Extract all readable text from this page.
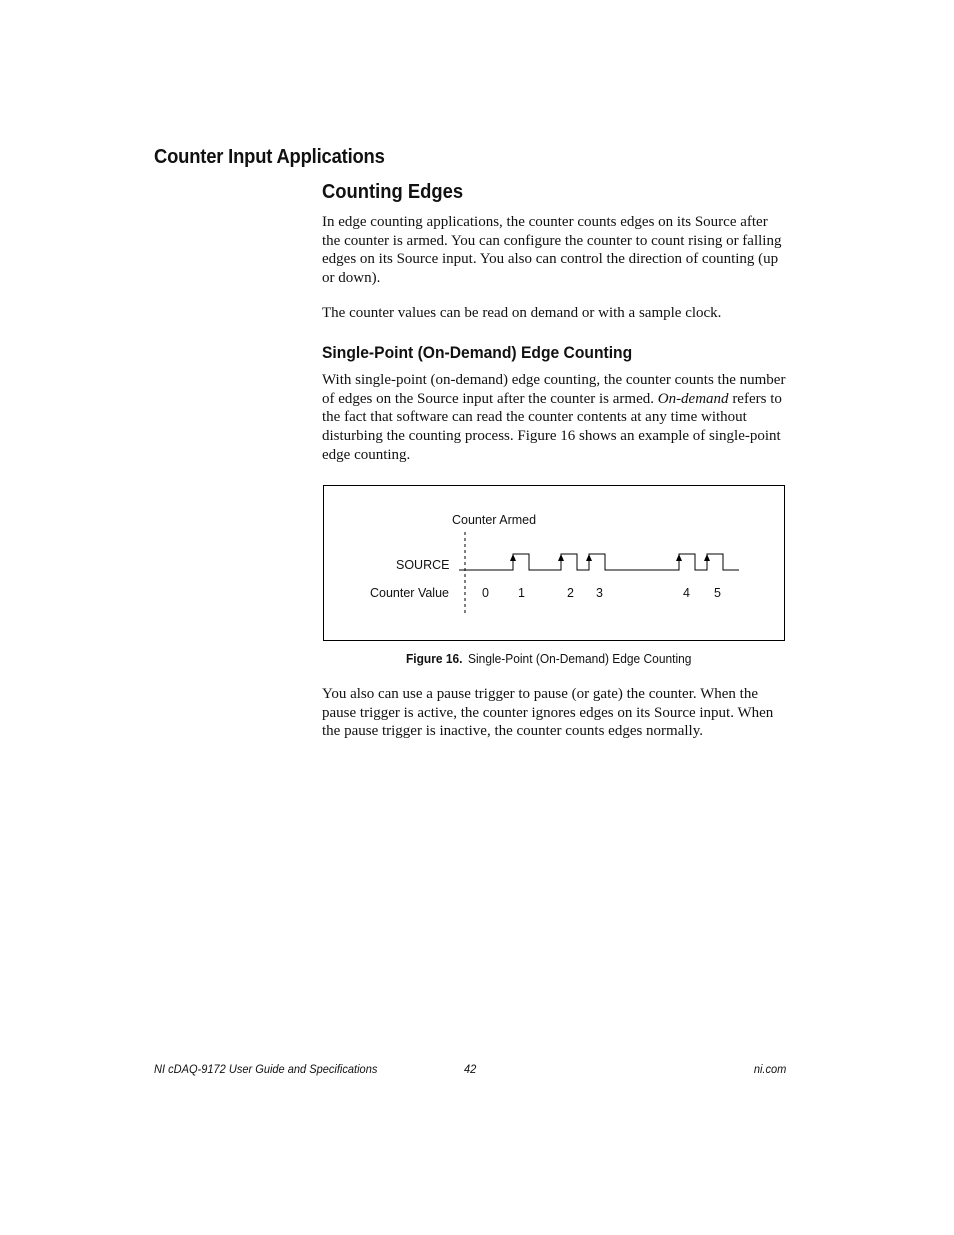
Counter Input Applications
Counting Edges

In edge counting applications, the counter counts edges on its Source after the counter is armed. You can configure the counter to count rising or falling edges on its Source input. You also can control the direction of counting (up or down).

The counter values can be read on demand or with a sample clock.

Single-Point (On-Demand) Edge Counting

With single-point (on-demand) edge counting, the counter counts the number of edges on the Source input after the counter is armed. On-demand refers to the fact that software can read the counter contents at any time without disturbing the counting process. Figure 16 shows an example of single-point edge counting.

Counter Armed
SOURCE
Counter Value	0 1	2 3	4 5
Figure 16. Single-Point (On-Demand) Edge Counting

You also can use a pause trigger to pause (or gate) the counter. When the pause trigger is active, the counter ignores edges on its Source input. When the pause trigger is inactive, the counter counts edges normally.

NI cDAQ-9172 User Guide and Specifications	42	ni.com
